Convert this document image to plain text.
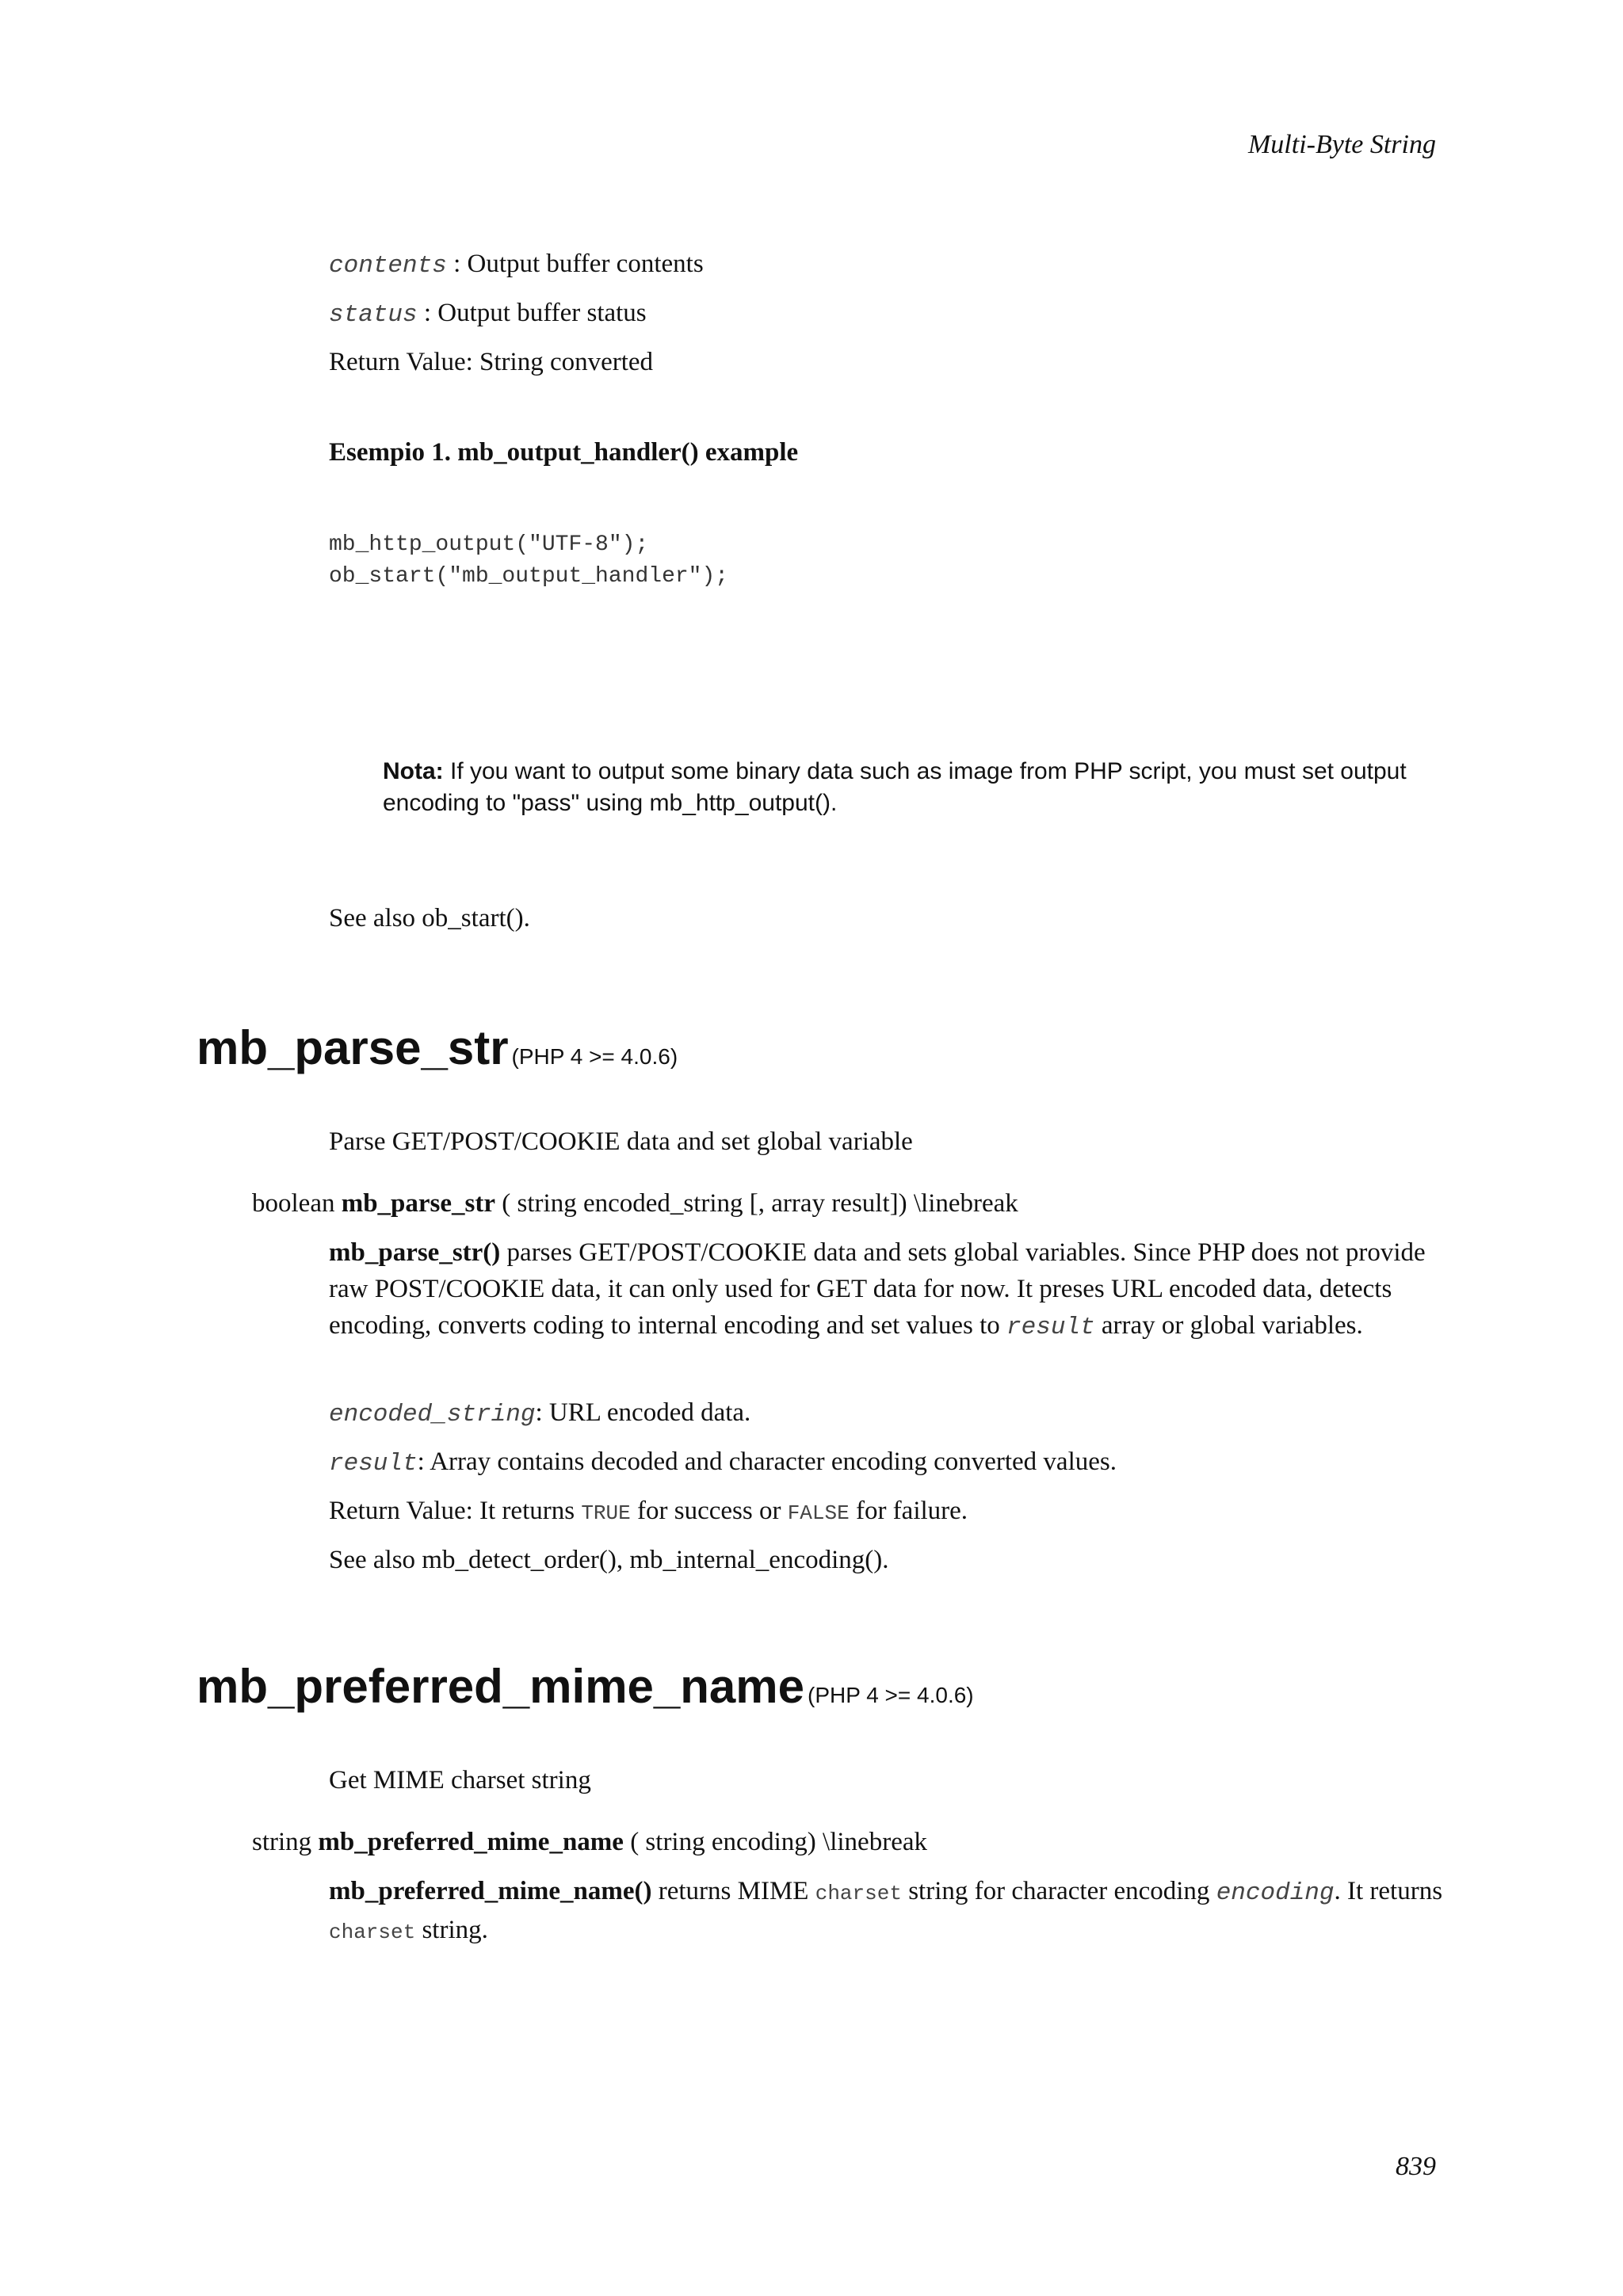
Multi-Byte String
contents : Output buffer contents
status : Output buffer status
Return Value: String converted
Esempio 1. mb_output_handler() example
mb_http_output("UTF-8");
ob_start("mb_output_handler");
Nota: If you want to output some binary data such as image from PHP script, you must set output encoding to "pass" using mb_http_output().
See also ob_start().
mb_parse_str (PHP 4 >= 4.0.6)
Parse GET/POST/COOKIE data and set global variable
boolean mb_parse_str ( string encoded_string [, array result]) \linebreak
mb_parse_str() parses GET/POST/COOKIE data and sets global variables. Since PHP does not provide raw POST/COOKIE data, it can only used for GET data for now. It preses URL encoded data, detects encoding, converts coding to internal encoding and set values to result array or global variables.
encoded_string: URL encoded data.
result: Array contains decoded and character encoding converted values.
Return Value: It returns TRUE for success or FALSE for failure.
See also mb_detect_order(), mb_internal_encoding().
mb_preferred_mime_name (PHP 4 >= 4.0.6)
Get MIME charset string
string mb_preferred_mime_name ( string encoding) \linebreak
mb_preferred_mime_name() returns MIME charset string for character encoding encoding. It returns charset string.
839
